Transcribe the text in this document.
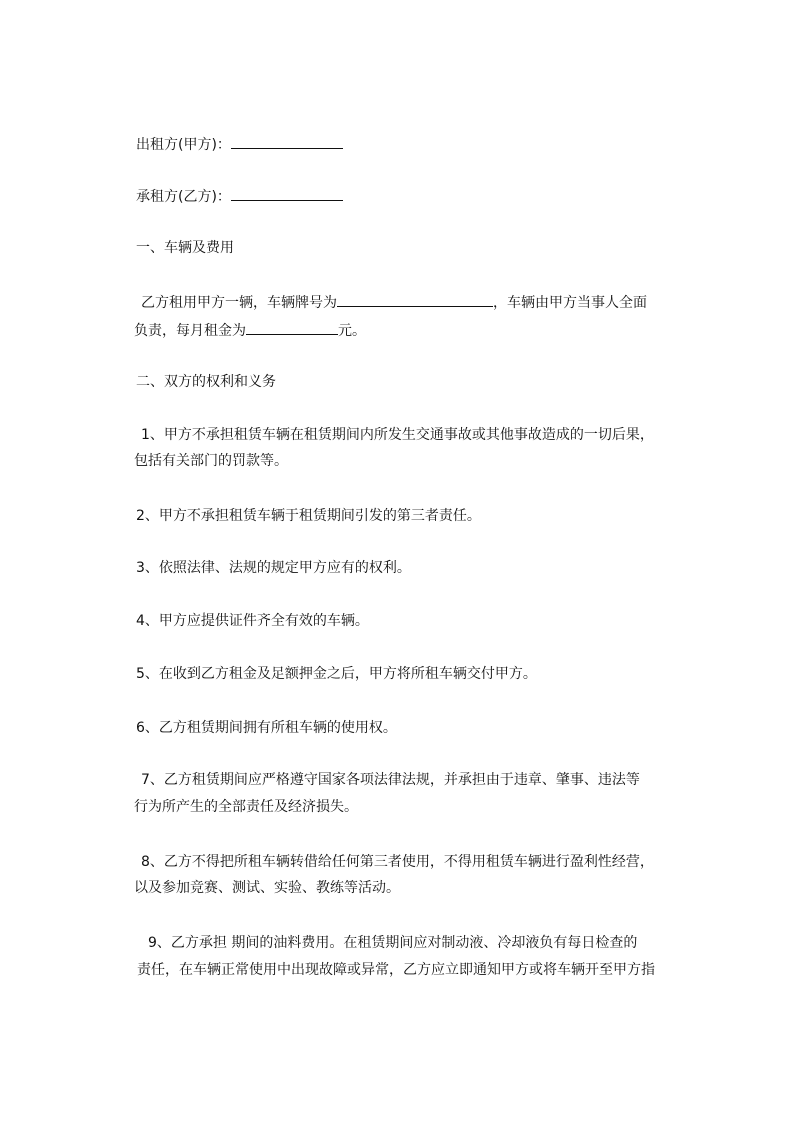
出租方(甲方)：
承租方(乙方)：
一、车辆及费用
乙方租用甲方一辆，车辆牌号为	，车辆由甲方当事人全面
负责，每月租金为	元。
二、双方的权利和义务
1、甲方不承担租赁车辆在租赁期间内所发生交通事故或其他事故造成的一切后果，
包括有关部门的罚款等。
2、甲方不承担租赁车辆于租赁期间引发的第三者责任。
3、依照法律、法规的规定甲方应有的权利。
4、甲方应提供证件齐全有效的车辆。
5、在收到乙方租金及足额押金之后，甲方将所租车辆交付甲方。
6、乙方租赁期间拥有所租车辆的使用权。
7、乙方租赁期间应严格遵守国家各项法律法规，并承担由于违章、肇事、违法等
行为所产生的全部责任及经济损失。
8、乙方不得把所租车辆转借给任何第三者使用，不得用租赁车辆进行盈利性经营，
以及参加竞赛、测试、实验、教练等活动。
9、乙方承担 期间的油料费用。在租赁期间应对制动液、冷却液负有每日检查的
责任，在车辆正常使用中出现故障或异常，乙方应立即通知甲方或将车辆开至甲方指
